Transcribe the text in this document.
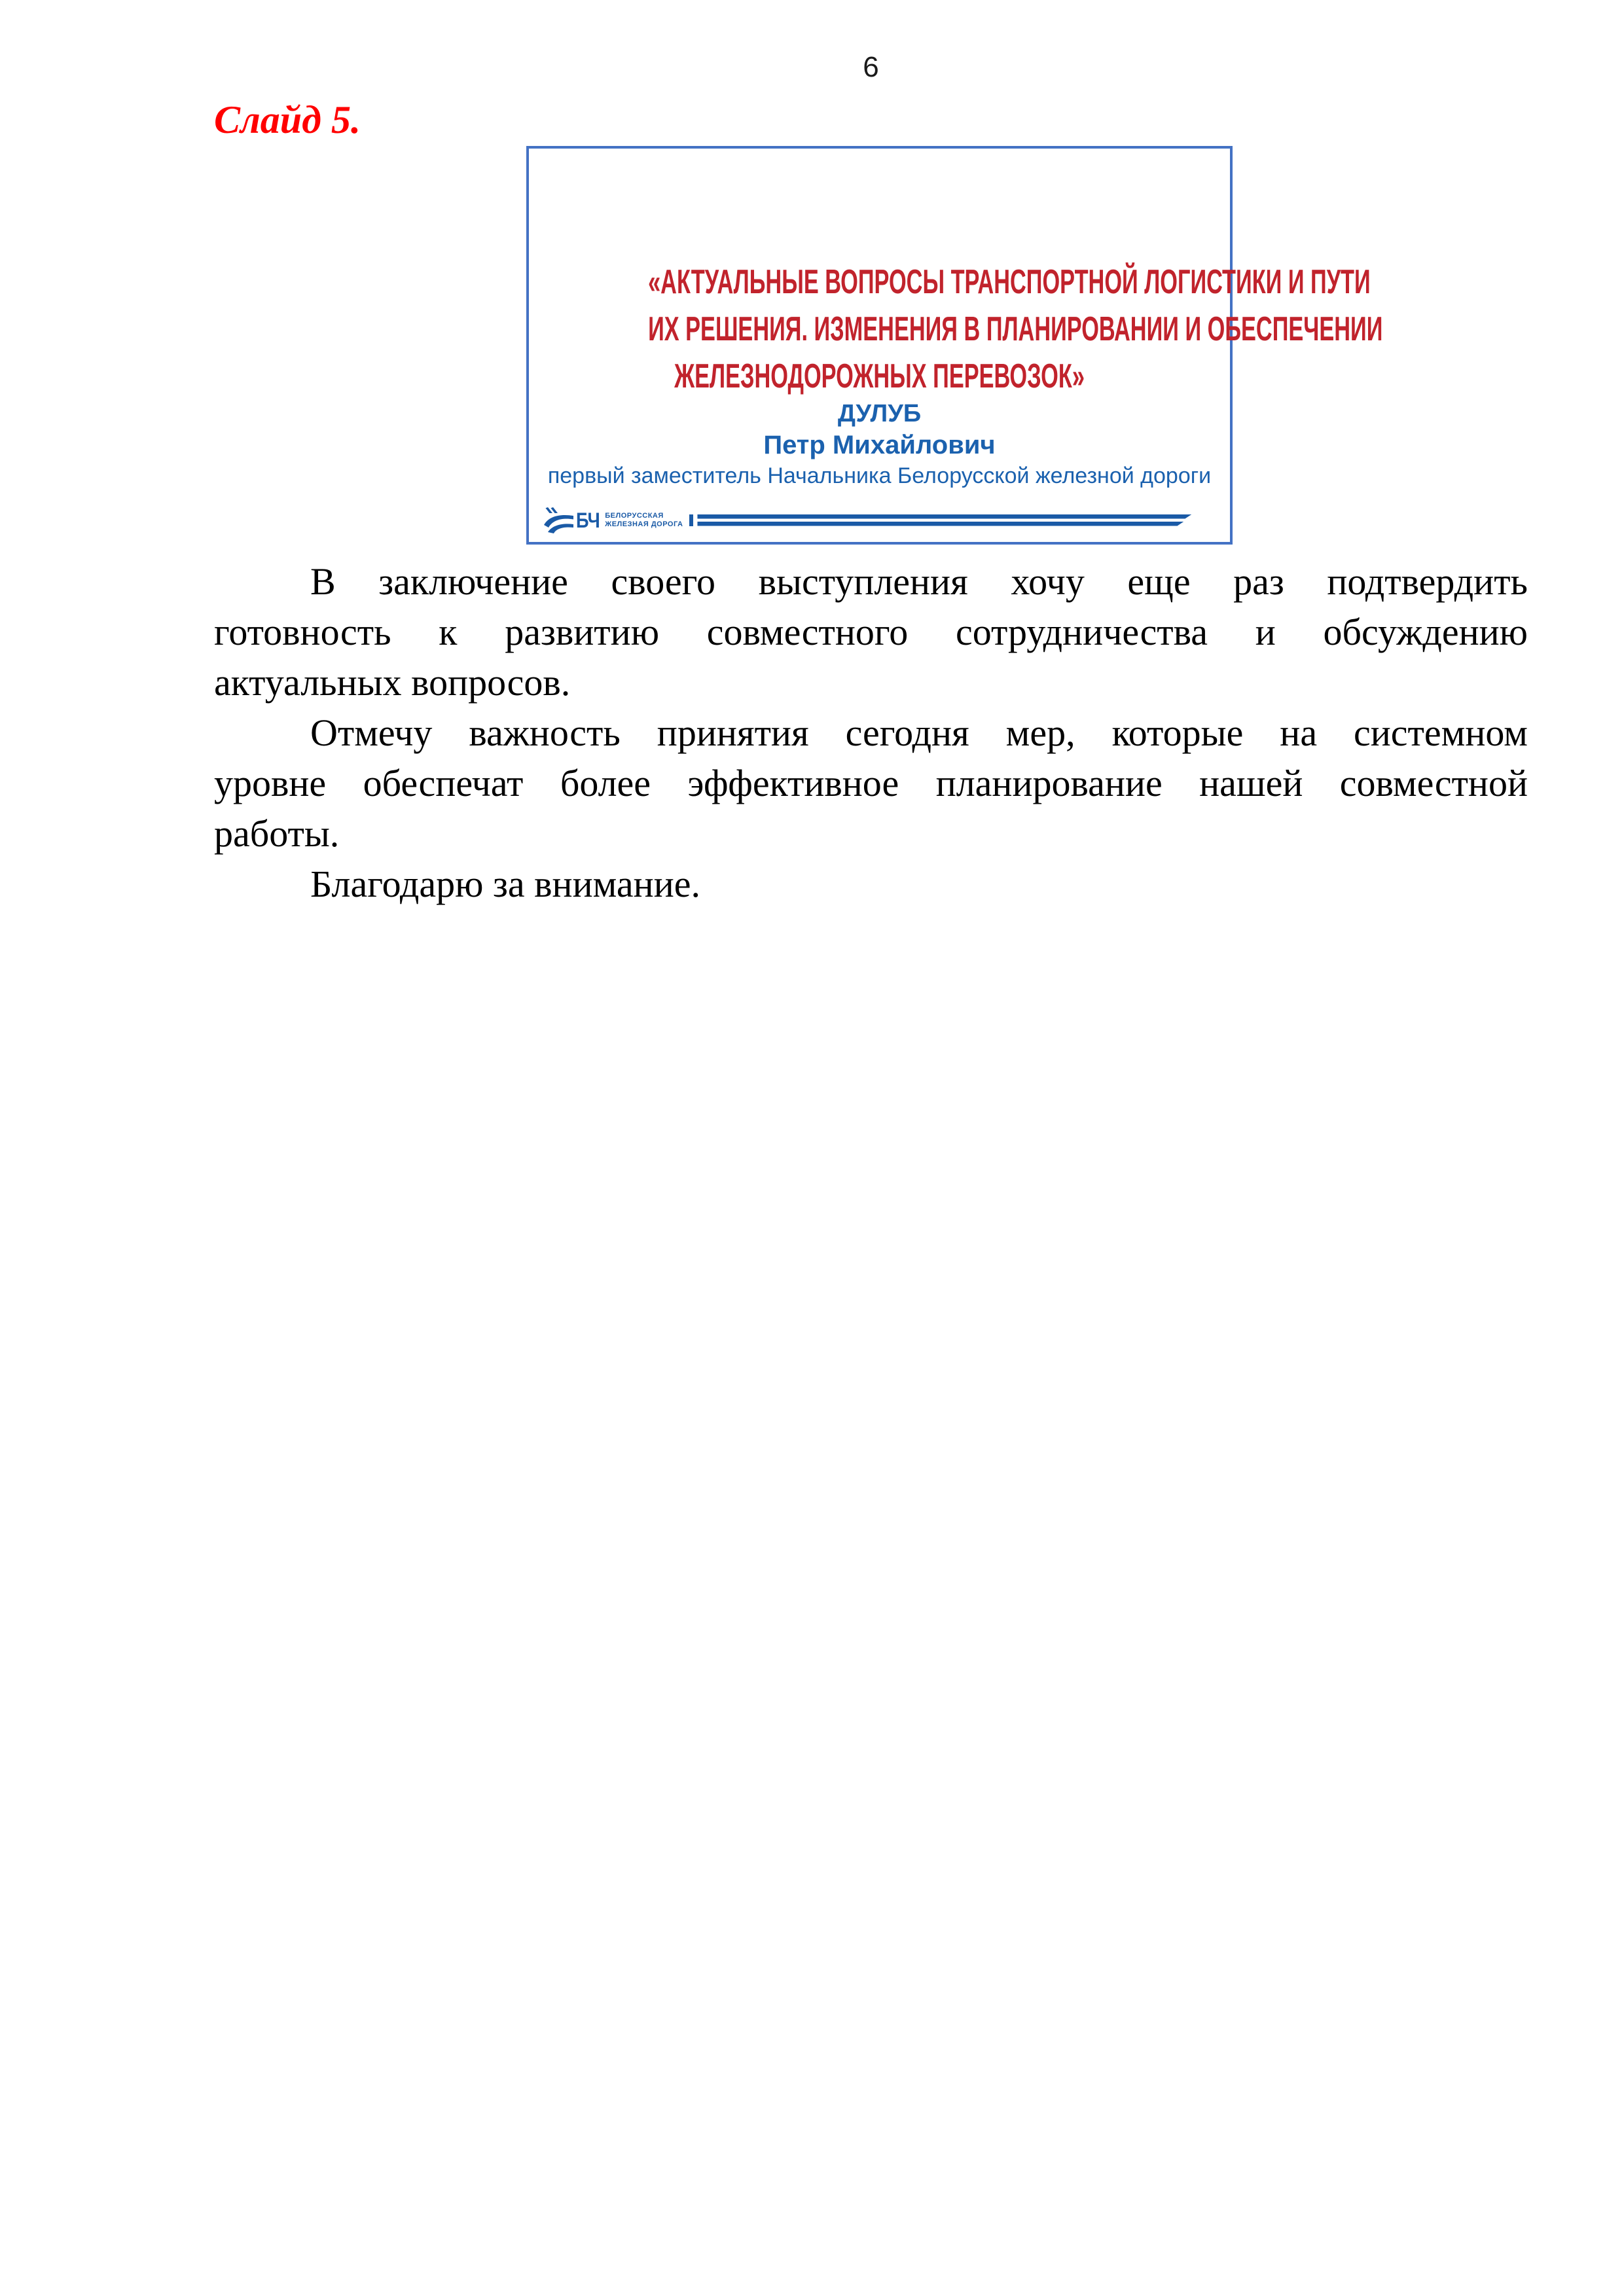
6
Слайд 5.
«АКТУАЛЬНЫЕ ВОПРОСЫ ТРАНСПОРТНОЙ ЛОГИСТИКИ И ПУТИ
ИХ РЕШЕНИЯ. ИЗМЕНЕНИЯ В ПЛАНИРОВАНИИ И ОБЕСПЕЧЕНИИ
ЖЕЛЕЗНОДОРОЖНЫХ ПЕРЕВОЗОК»
ДУЛУБ
Петр Михайлович
первый заместитель Начальника Белорусской железной дороги
БЧ БЕЛОРУССКАЯ
ЖЕЛЕЗНАЯ ДОРОГА
В заключение своего выступления хочу еще раз подтвердить
готовность к развитию совместного сотрудничества и обсуждению
актуальных вопросов.
Отмечу важность принятия сегодня мер, которые на системном
уровне обеспечат более эффективное планирование нашей совместной
работы.
Благодарю за внимание.
